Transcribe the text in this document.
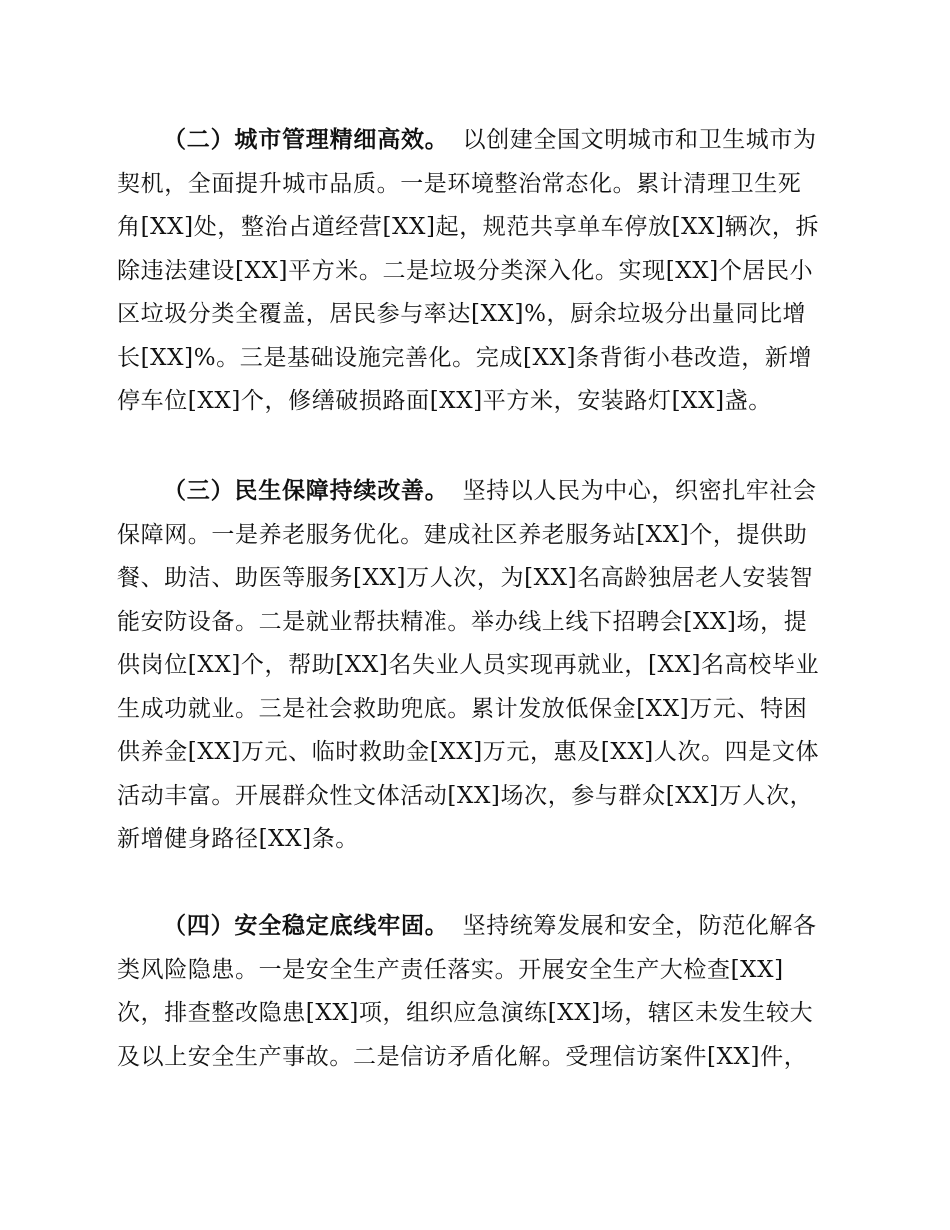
（二）城市管理精细高效。 以创建全国文明城市和卫生城市为
契机，全面提升城市品质。一是环境整治常态化。累计清理卫生死
角[XX]处，整治占道经营[XX]起，规范共享单车停放[XX]辆次，拆
除违法建设[XX]平方米。二是垃圾分类深入化。实现[XX]个居民小
区垃圾分类全覆盖，居民参与率达[XX]%，厨余垃圾分出量同比增
长[XX]%。三是基础设施完善化。完成[XX]条背街小巷改造，新增
停车位[XX]个，修缮破损路面[XX]平方米，安装路灯[XX]盏。
（三）民生保障持续改善。 坚持以人民为中心，织密扎牢社会
保障网。一是养老服务优化。建成社区养老服务站[XX]个，提供助
餐、助洁、助医等服务[XX]万人次，为[XX]名高龄独居老人安装智
能安防设备。二是就业帮扶精准。举办线上线下招聘会[XX]场，提
供岗位[XX]个，帮助[XX]名失业人员实现再就业，[XX]名高校毕业
生成功就业。三是社会救助兜底。累计发放低保金[XX]万元、特困
供养金[XX]万元、临时救助金[XX]万元，惠及[XX]人次。四是文体
活动丰富。开展群众性文体活动[XX]场次，参与群众[XX]万人次，
新增健身路径[XX]条。
（四）安全稳定底线牢固。 坚持统筹发展和安全，防范化解各
类风险隐患。一是安全生产责任落实。开展安全生产大检查[XX]
次，排查整改隐患[XX]项，组织应急演练[XX]场，辖区未发生较大
及以上安全生产事故。二是信访矛盾化解。受理信访案件[XX]件，
